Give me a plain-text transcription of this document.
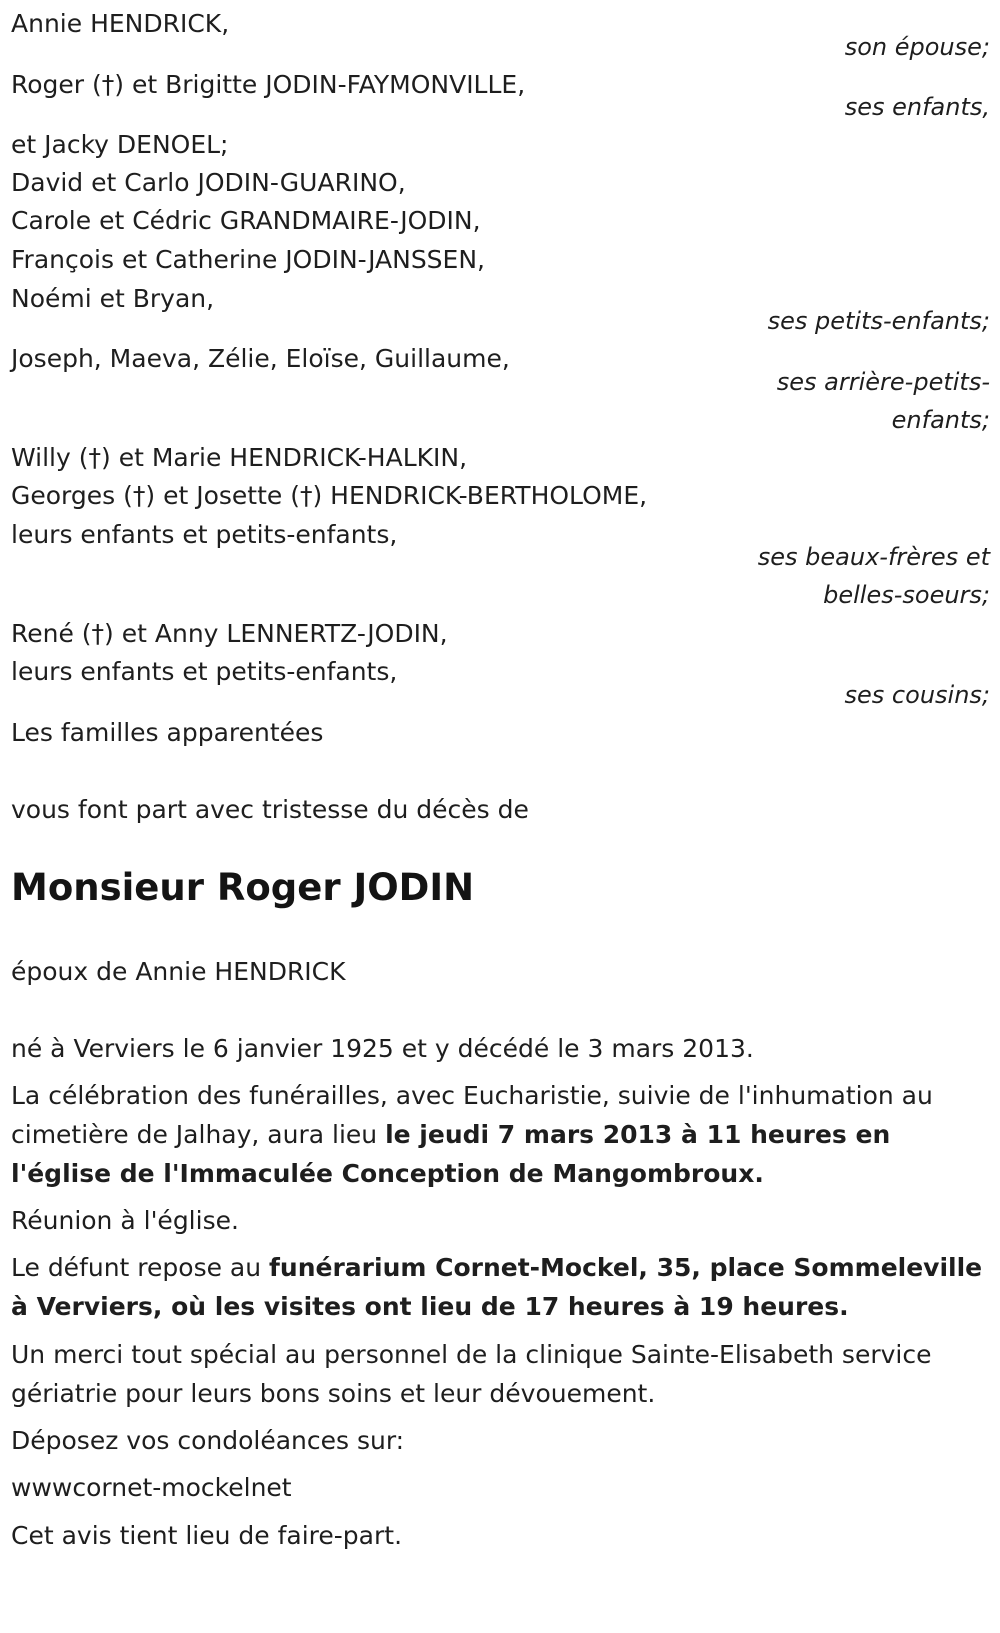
Annie HENDRICK,
son épouse;
Roger (†) et Brigitte JODIN-FAYMONVILLE,
ses enfants,
et Jacky DENOEL;
David et Carlo JODIN-GUARINO,
Carole et Cédric GRANDMAIRE-JODIN,
François et Catherine JODIN-JANSSEN,
Noémi et Bryan,
ses petits-enfants;
Joseph, Maeva, Zélie, Eloïse, Guillaume,
ses arrière-petits-
enfants;
Willy (†) et Marie HENDRICK-HALKIN,
Georges (†) et Josette (†) HENDRICK-BERTHOLOME,
leurs enfants et petits-enfants,
ses beaux-frères et
belles-soeurs;
René (†) et Anny LENNERTZ-JODIN,
leurs enfants et petits-enfants,
ses cousins;
Les familles apparentées
vous font part avec tristesse du décès de
Monsieur Roger JODIN
époux de Annie HENDRICK
né à Verviers le 6 janvier 1925 et y décédé le 3 mars 2013.
La célébration des funérailles, avec Eucharistie, suivie de l'inhumation au cimetière de Jalhay, aura lieu le jeudi 7 mars 2013 à 11 heures en l'église de l'Immaculée Conception de Mangombroux.
Réunion à l'église.
Le défunt repose au funérarium Cornet-Mockel, 35, place Sommeleville à Verviers, où les visites ont lieu de 17 heures à 19 heures.
Un merci tout spécial au personnel de la clinique Sainte-Elisabeth service gériatrie pour leurs bons soins et leur dévouement.
Déposez vos condoléances sur:
wwwcornet-mockelnet
Cet avis tient lieu de faire-part.
